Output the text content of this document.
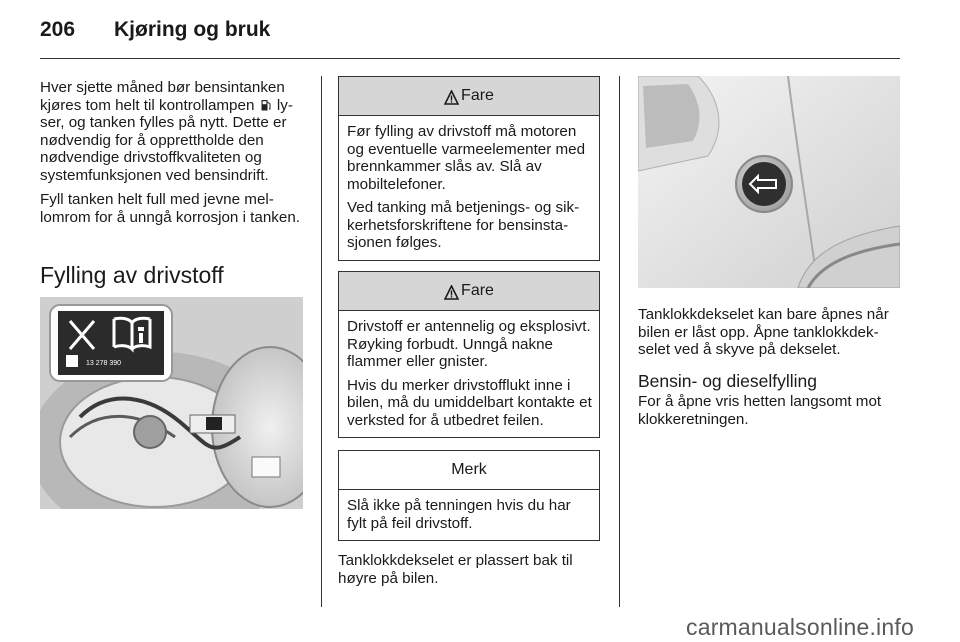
206 Kjøring og bruk

Hver sjette måned bør bensintanken kjøres tom helt til kontrollampen lyser, og tanken fylles på nytt. Dette er nødvendig for å opprettholde den nødvendige drivstoffkvaliteten og systemfunksjonen ved bensindrift.

Fyll tanken helt full med jevne mellomrom for å unngå korrosjon i tanken.

Fylling av drivstoff
13 278 390
Fare

Før fylling av drivstoff må motoren og eventuelle varmeelementer med brennkammer slås av. Slå av mobiltelefoner.

Ved tanking må betjenings- og sikkerhetsforskriftene for bensinstasjonen følges.

Fare

Drivstoff er antennelig og eksplosivt. Røyking forbudt. Unngå nakne flammer eller gnister.

Hvis du merker drivstofflukt inne i bilen, må du umiddelbart kontakte et verksted for å utbedret feilen.

Merk

Slå ikke på tenningen hvis du har fylt på feil drivstoff.

Tanklokkdekselet er plassert bak til høyre på bilen.
Tanklokkdekselet kan bare åpnes når bilen er låst opp. Åpne tanklokkdekselet ved å skyve på dekselet.
Bensin- og dieselfylling
For å åpne vris hetten langsomt mot klokkeretningen.
carmanualsonline.info
